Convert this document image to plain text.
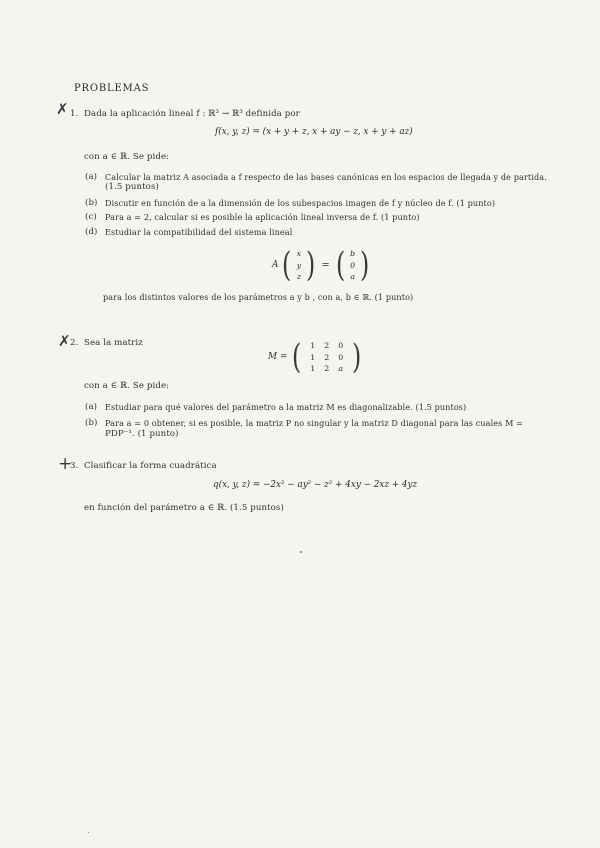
PROBLEMAS
✗ 1. Dada la aplicación lineal f : ℝ³ → ℝ³ definida por
f(x, y, z) = (x + y + z, x + ay − z, x + y + az)
con a ∈ ℝ. Se pide:
(a) Calcular la matriz A asociada a f respecto de las bases canónicas en los espacios de llegada y de partida.
(1.5 puntos)
(b) Discutir en función de a la dimensión de los subespacios imagen de f y núcleo de f. (1 punto)
(c) Para a = 2, calcular si es posible la aplicación lineal inversa de f. (1 punto)
(d) Estudiar la compatibilidad del sistema lineal
A ( x
y
z ) = ( b
0
a )
para los distintos valores de los parámetros a y b , con a, b ∈ ℝ. (1 punto)
✗ 2. Sea la matriz
M = (	1	2	0
1	2	0
1	2	a )
con a ∈ ℝ. Se pide:
(a) Estudiar para qué valores del parámetro a la matriz M es diagonalizable. (1.5 puntos)
(b) Para a = 0 obtener, si es posible, la matriz P no singular y la matriz D diagonal para las cuales M =
PDP⁻¹. (1 punto)
+
3. Clasificar la forma cuadrática
q(x, y, z) = −2x² − ay² − z² + 4xy − 2xz + 4yz
en función del parámetro a ∈ ℝ. (1.5 puntos)
